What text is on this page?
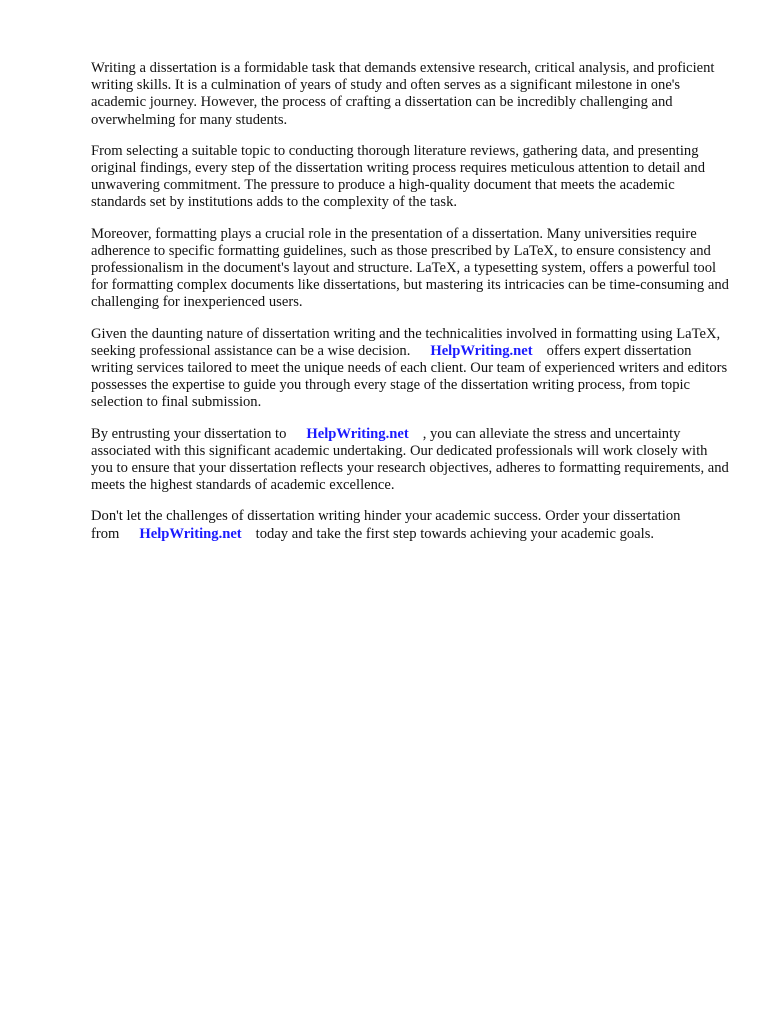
Writing a dissertation is a formidable task that demands extensive research, critical analysis, and proficient writing skills. It is a culmination of years of study and often serves as a significant milestone in one's academic journey. However, the process of crafting a dissertation can be incredibly challenging and overwhelming for many students.

From selecting a suitable topic to conducting thorough literature reviews, gathering data, and presenting original findings, every step of the dissertation writing process requires meticulous attention to detail and unwavering commitment. The pressure to produce a high-quality document that meets the academic standards set by institutions adds to the complexity of the task.

Moreover, formatting plays a crucial role in the presentation of a dissertation. Many universities require adherence to specific formatting guidelines, such as those prescribed by LaTeX, to ensure consistency and professionalism in the document's layout and structure. LaTeX, a typesetting system, offers a powerful tool for formatting complex documents like dissertations, but mastering its intricacies can be time-consuming and challenging for inexperienced users.

Given the daunting nature of dissertation writing and the technicalities involved in formatting using LaTeX, seeking professional assistance can be a wise decision. HelpWriting.net offers expert dissertation writing services tailored to meet the unique needs of each client. Our team of experienced writers and editors possesses the expertise to guide you through every stage of the dissertation writing process, from topic selection to final submission.

By entrusting your dissertation to HelpWriting.net , you can alleviate the stress and uncertainty associated with this significant academic undertaking. Our dedicated professionals will work closely with you to ensure that your dissertation reflects your research objectives, adheres to formatting requirements, and meets the highest standards of academic excellence.

Don't let the challenges of dissertation writing hinder your academic success. Order your dissertation from HelpWriting.net today and take the first step towards achieving your academic goals.
